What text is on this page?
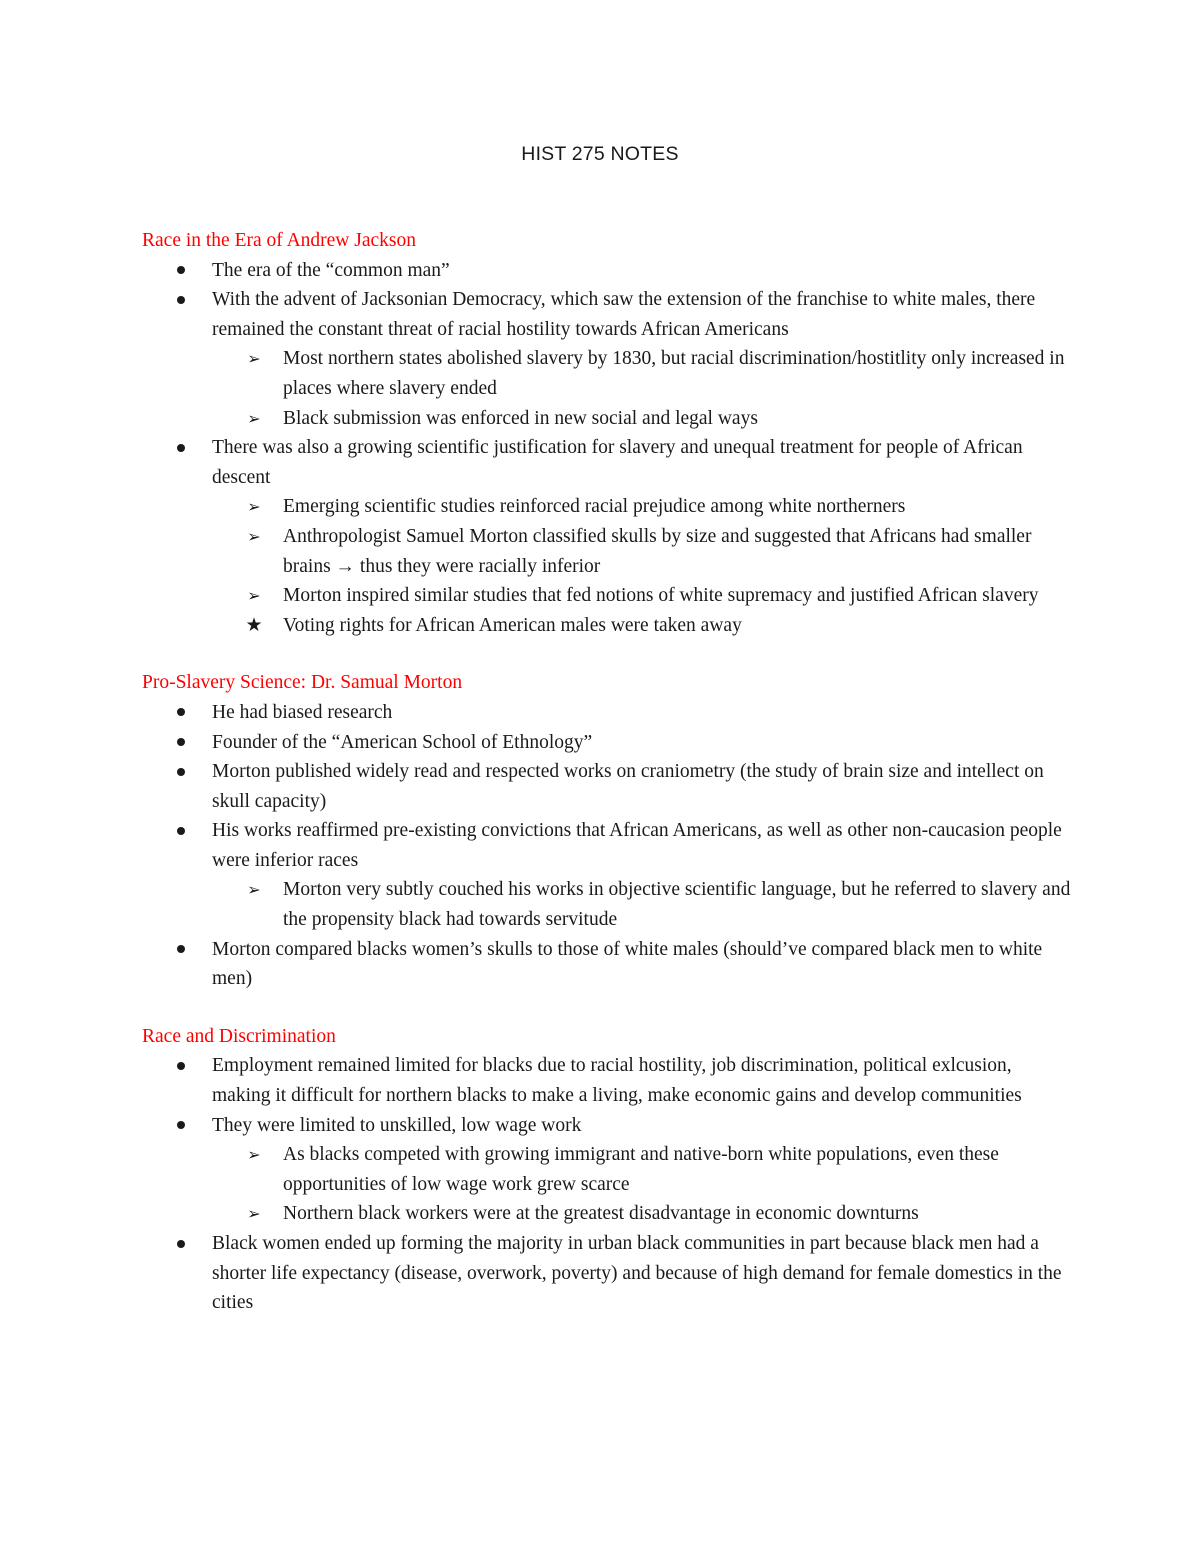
HIST 275 NOTES
Race in the Era of Andrew Jackson
The era of the “common man”
With the advent of Jacksonian Democracy, which saw the extension of the franchise to white males, there remained the constant threat of racial hostility towards African Americans
➢ Most northern states abolished slavery by 1830, but racial discrimination/hostitlity only increased in places where slavery ended
➢ Black submission was enforced in new social and legal ways
There was also a growing scientific justification for slavery and unequal treatment for people of African descent
➢ Emerging scientific studies reinforced racial prejudice among white northerners
➢ Anthropologist Samuel Morton classified skulls by size and suggested that Africans had smaller brains → thus they were racially inferior
➢ Morton inspired similar studies that fed notions of white supremacy and justified African slavery
★ Voting rights for African American males were taken away
Pro-Slavery Science: Dr. Samual Morton
He had biased research
Founder of the “American School of Ethnology”
Morton published widely read and respected works on craniometry (the study of brain size and intellect on skull capacity)
His works reaffirmed pre-existing convictions that African Americans, as well as other non-caucasion people were inferior races
➢ Morton very subtly couched his works in objective scientific language, but he referred to slavery and the propensity black had towards servitude
Morton compared blacks women’s skulls to those of white males (should’ve compared black men to white men)
Race and Discrimination
Employment remained limited for blacks due to racial hostility, job discrimination, political exlcusion, making it difficult for northern blacks to make a living, make economic gains and develop communities
They were limited to unskilled, low wage work
➢ As blacks competed with growing immigrant and native-born white populations, even these opportunities of low wage work grew scarce
➢ Northern black workers were at the greatest disadvantage in economic downturns
Black women ended up forming the majority in urban black communities in part because black men had a shorter life expectancy (disease, overwork, poverty) and because of high demand for female domestics in the cities
